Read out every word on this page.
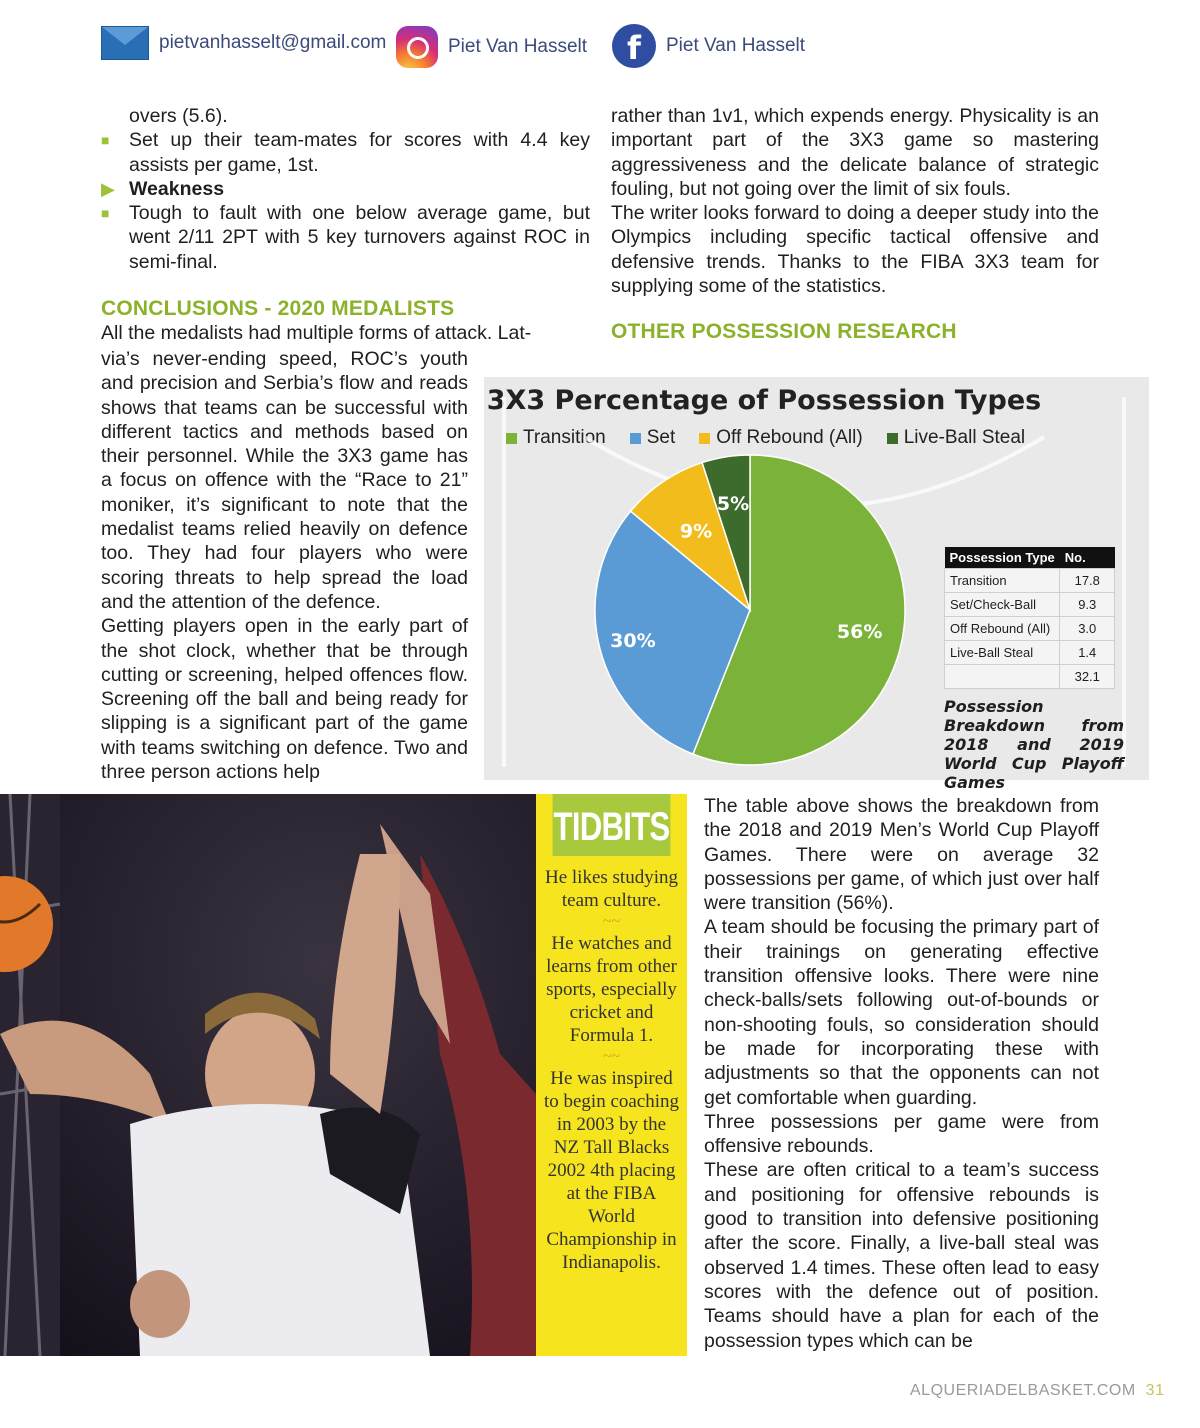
pietvanhasselt@gmail.com	Piet Van Hasselt	f	Piet Van Hasselt

overs (5.6).

■ Set up their team-mates for scores with 4.4 key assists per game, 1st.

▶ Weakness

■ Tough to fault with one below average game, but went 2/11 2PT with 5 key turnovers against ROC in semi-final.

CONCLUSIONS - 2020 MEDALISTS

All the medalists had multiple forms of attack. Lat-

via’s never-ending speed, ROC’s youth and precision and Serbia’s flow and reads shows that teams can be successful with different tactics and methods based on their personnel. While the 3X3 game has a focus on offence with the “Race to 21” moniker, it’s significant to note that the medalist teams relied heavily on defence too. They had four players who were scoring threats to help spread the load and the attention of the defence.

Getting players open in the early part of the shot clock, whether that be through cutting or screening, helped offences flow. Screening off the ball and being ready for slipping is a significant part of the game with teams switching on defence. Two and three person actions help

rather than 1v1, which expends energy. Physicality is an important part of the 3X3 game so mastering aggressiveness and the delicate balance of strategic fouling, but not going over the limit of six fouls.

The writer looks forward to doing a deeper study into the Olympics including specific tactical offensive and defensive trends. Thanks to the FIBA 3X3 team for supplying some of the statistics.

OTHER POSSESSION RESEARCH

3X3 Percentage of Possession Types
Transition Set Off Rebound (All) Live-Ball Steal
56%
30%
9%
5%
Possession Type	No.
Transition	17.8
Set/Check-Ball	9.3
Off Rebound (All)	3.0
Live-Ball Steal	1.4
	32.1
Possession Breakdown from 2018 and 2019 World Cup Playoff Games
TIDBITS

He likes studying team culture.

~~

He watches and learns from other sports, especially cricket and Formula 1.

~~

He was inspired to begin coaching in 2003 by the NZ Tall Blacks 2002 4th placing at the FIBA World Championship in Indianapolis.

The table above shows the breakdown from the 2018 and 2019 Men’s World Cup Playoff Games. There were on average 32 possessions per game, of which just over half were transition (56%).

A team should be focusing the primary part of their trainings on generating effective transition offensive looks. There were nine check-balls/sets following out-of-bounds or non-shooting fouls, so consideration should be made for incorporating these with adjustments so that the opponents can not get comfortable when guarding.

Three possessions per game were from offensive rebounds.

These are often critical to a team’s success and positioning for offensive rebounds is good to transition into defensive positioning after the score. Finally, a live-ball steal was observed 1.4 times. These often lead to easy scores with the defence out of position. Teams should have a plan for each of the possession types which can be

ALQUERIADELBASKET.COM 31
